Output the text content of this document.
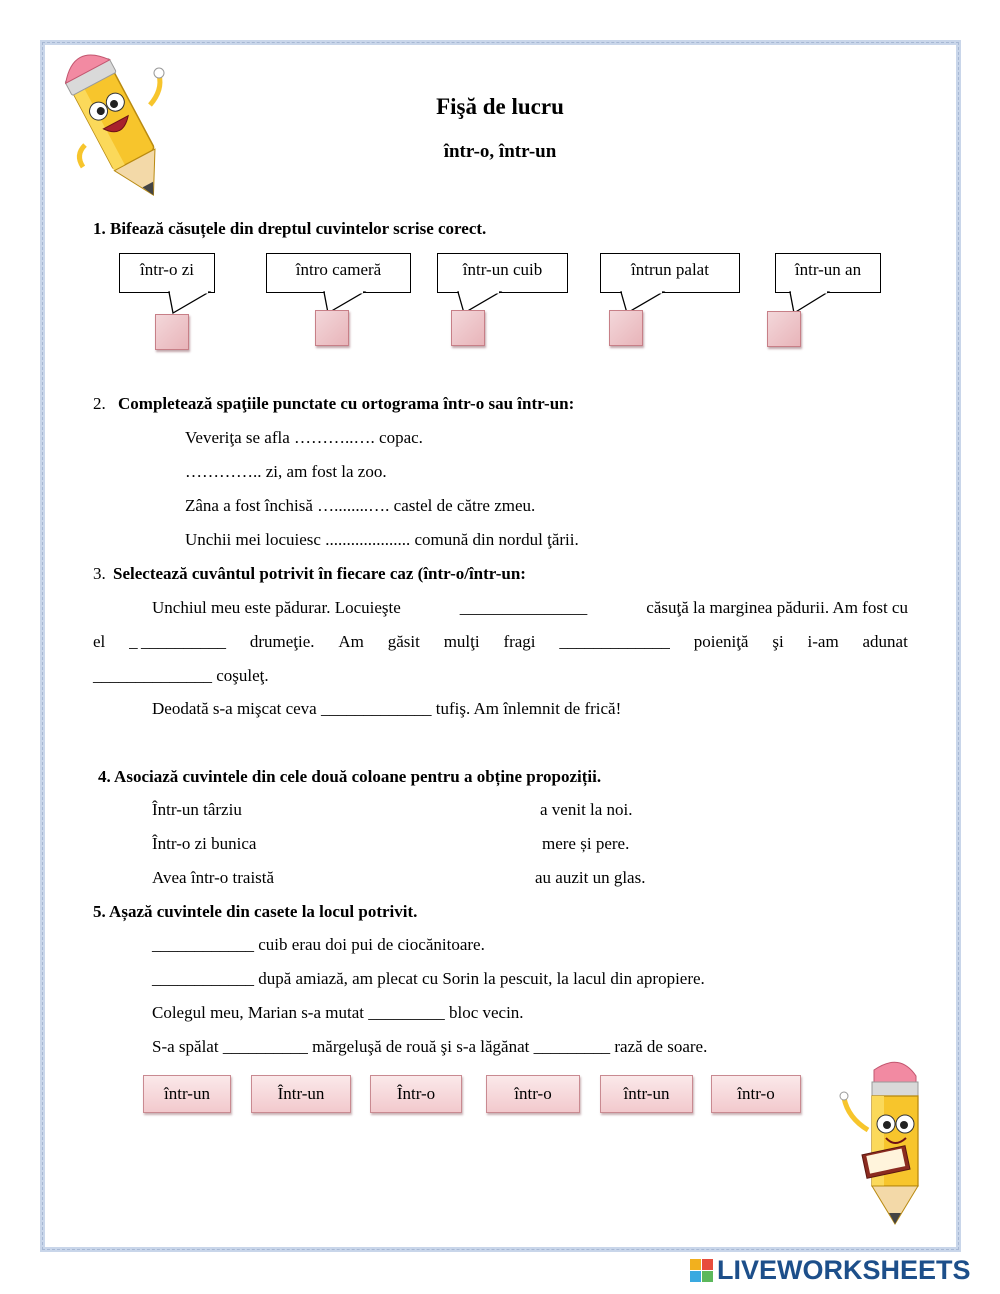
Fişă de lucru
într-o, într-un
1. Bifează căsuțele din dreptul cuvintelor scrise corect.
într-o zi	întro cameră	într-un cuib	întrun palat	într-un an
2. Completează spaţiile punctate cu ortograma într-o sau într-un:
Veveriţa se afla ………..…. copac.
………….. zi, am fost la zoo.
Zâna a fost închisă …........…. castel de către zmeu.
Unchii mei locuiesc .................... comună din nordul ţării.
3. Selectează cuvântul potrivit în fiecare caz (într-o/într-un:
Unchiul meu este pădurar. Locuieşte	_______________	căsuţă la marginea pădurii. Am fost cu
el _ __________ drumeţie. Am găsit mulţi fragi _____________ poieniţă şi i-am adunat
______________ coşuleţ.
Deodată s-a mişcat ceva _____________ tufiş. Am înlemnit de frică!
4. Asociază cuvintele din cele două coloane pentru a obține propoziții.
Într-un târziu
Într-o zi bunica
Avea într-o traistă
a venit la noi.
mere și pere.
au auzit un glas.
5. Așază cuvintele din casete la locul potrivit.
____________ cuib erau doi pui de ciocănitoare.
____________ după amiază, am plecat cu Sorin la pescuit, la lacul din apropiere.
Colegul meu, Marian s-a mutat _________ bloc vecin.
S-a spălat __________ mărgeluşă de rouă şi s-a lăgănat _________ rază de soare.
într-un	Într-un	Într-o	într-o	într-un	într-o
LIVEWORKSHEETS
